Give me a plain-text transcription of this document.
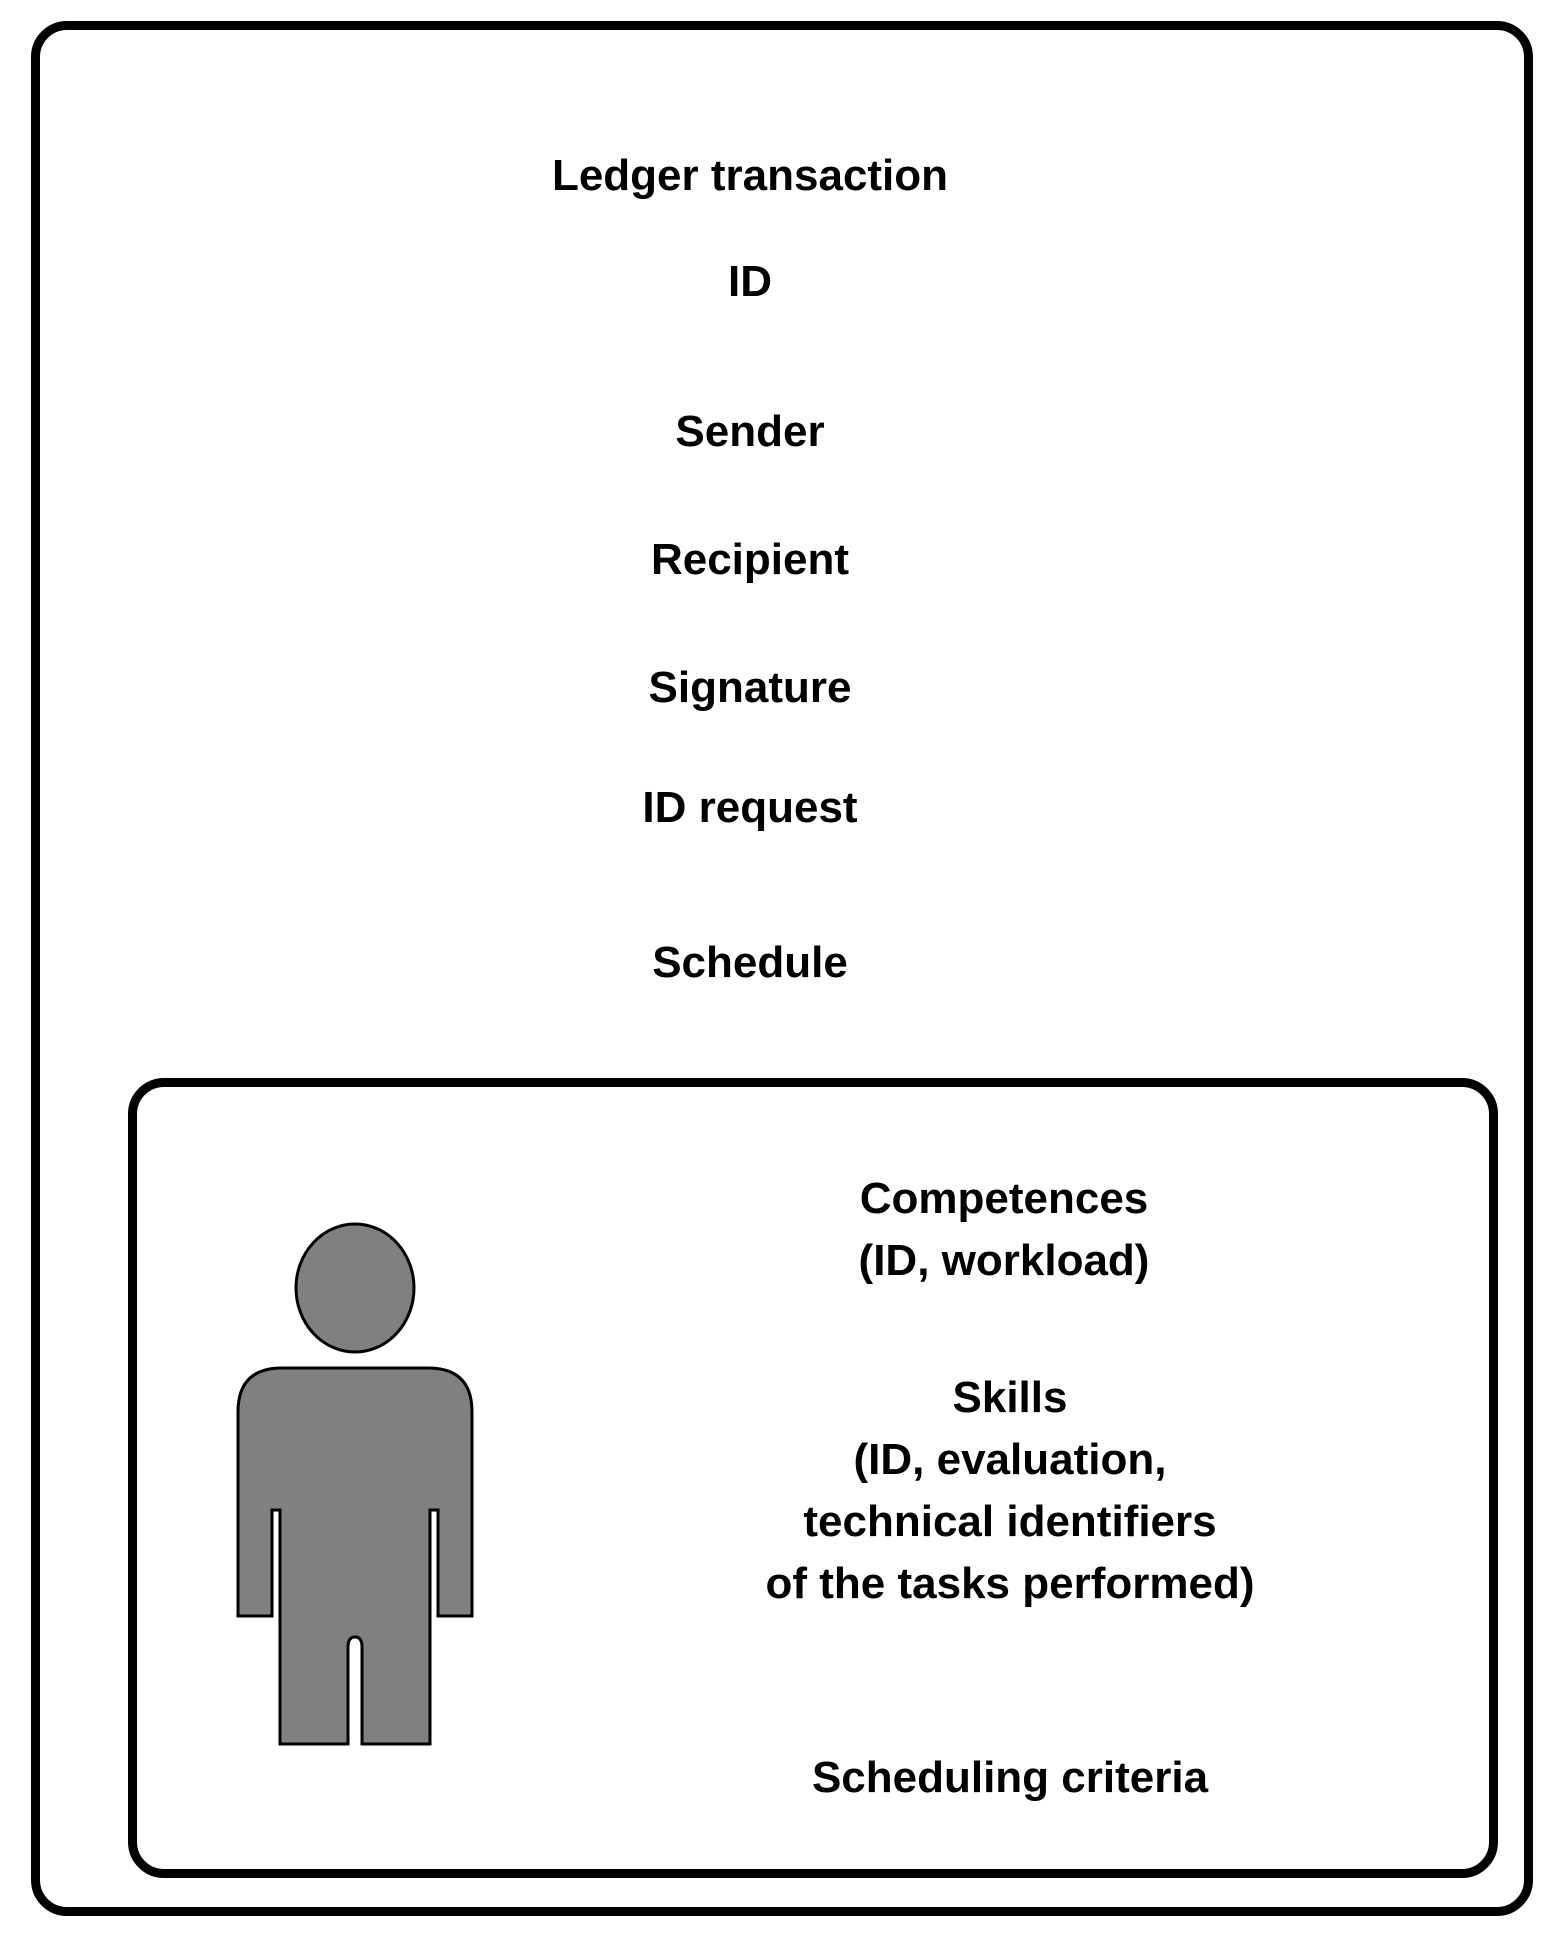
Ledger transaction
ID
Sender
Recipient
Signature
ID request
Schedule
Competences
(ID, workload)
Skills
(ID, evaluation,
technical identifiers
of the tasks performed)
Scheduling criteria
